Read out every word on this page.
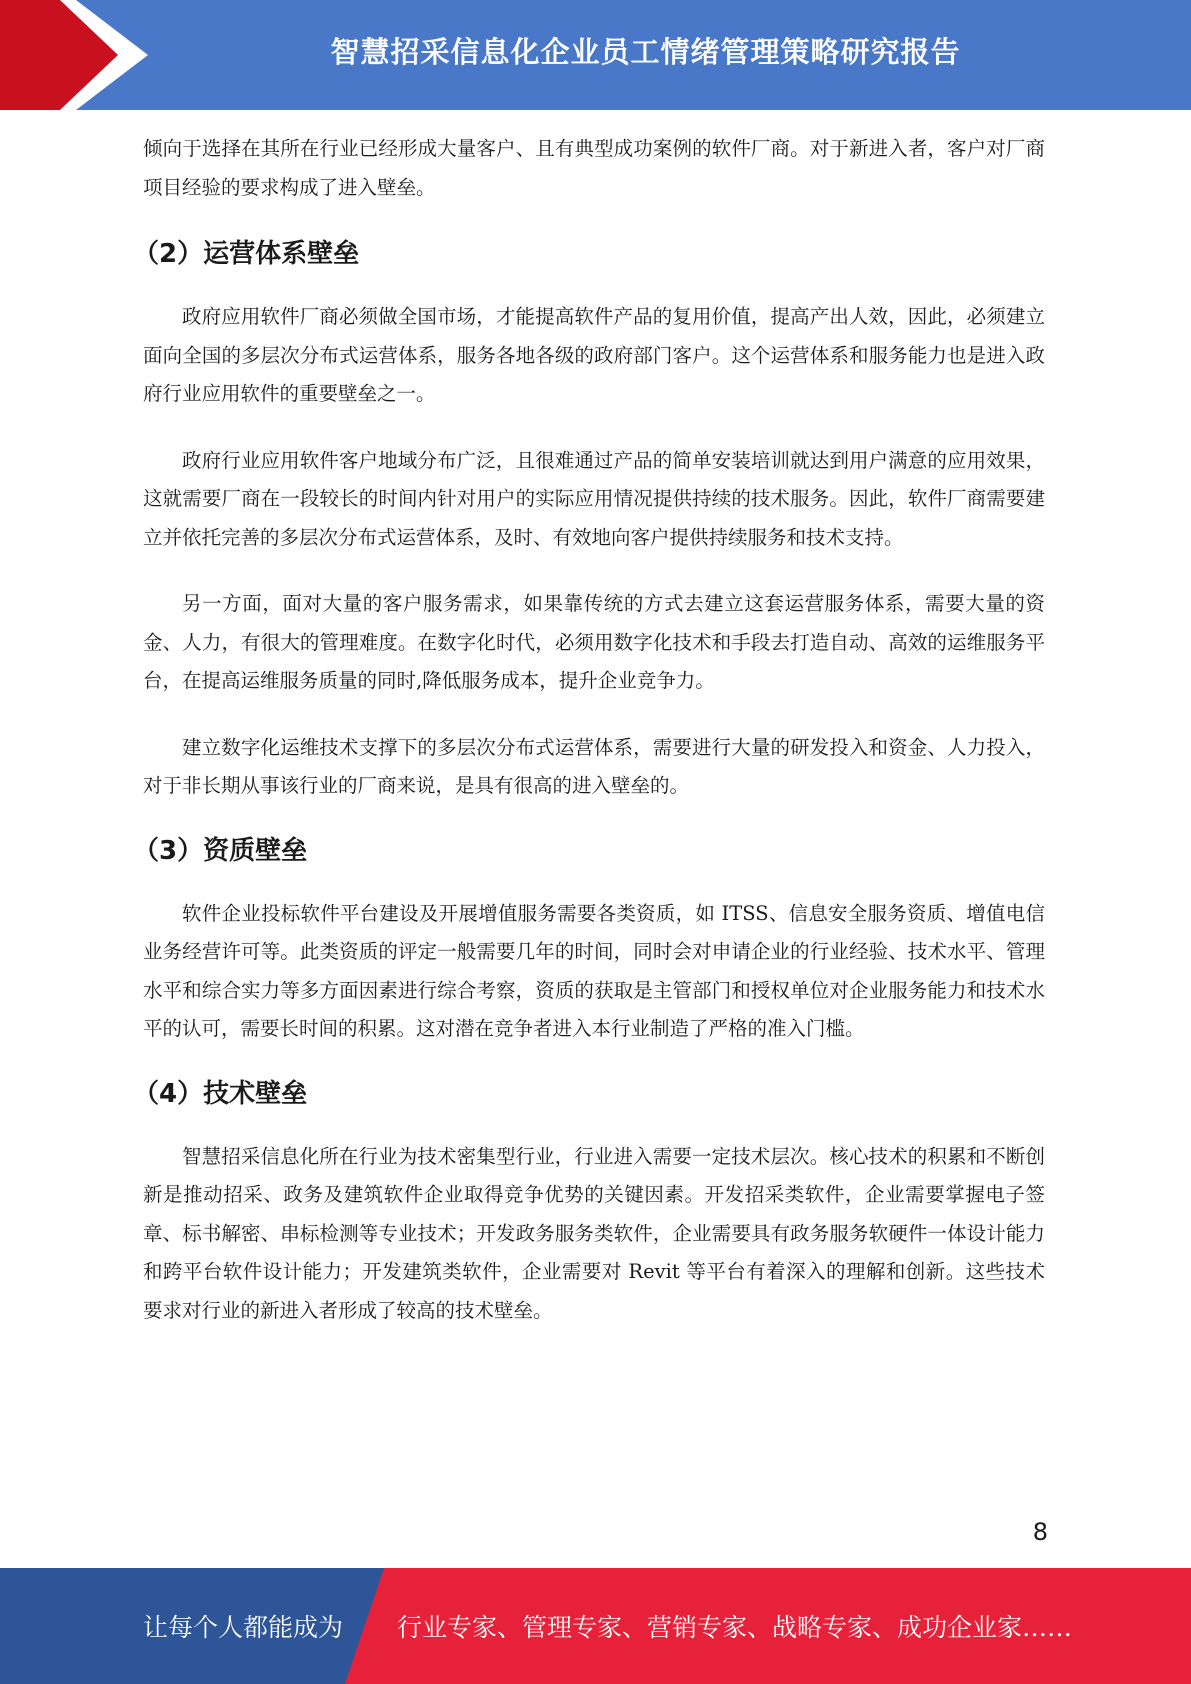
智慧招采信息化企业员工情绪管理策略研究报告

倾向于选择在其所在行业已经形成大量客户、且有典型成功案例的软件厂商。对于新进入者，客户对厂商项目经验的要求构成了进入壁垒。

（2）运营体系壁垒

政府应用软件厂商必须做全国市场，才能提高软件产品的复用价值，提高产出人效，因此，必须建立面向全国的多层次分布式运营体系，服务各地各级的政府部门客户。这个运营体系和服务能力也是进入政府行业应用软件的重要壁垒之一。

政府行业应用软件客户地域分布广泛，且很难通过产品的简单安装培训就达到用户满意的应用效果，这就需要厂商在一段较长的时间内针对用户的实际应用情况提供持续的技术服务。因此，软件厂商需要建立并依托完善的多层次分布式运营体系，及时、有效地向客户提供持续服务和技术支持。

另一方面，面对大量的客户服务需求，如果靠传统的方式去建立这套运营服务体系，需要大量的资金、人力，有很大的管理难度。在数字化时代，必须用数字化技术和手段去打造自动、高效的运维服务平台，在提高运维服务质量的同时,降低服务成本，提升企业竞争力。

建立数字化运维技术支撑下的多层次分布式运营体系，需要进行大量的研发投入和资金、人力投入，对于非长期从事该行业的厂商来说，是具有很高的进入壁垒的。

（3）资质壁垒

软件企业投标软件平台建设及开展增值服务需要各类资质，如 ITSS、信息安全服务资质、增值电信业务经营许可等。此类资质的评定一般需要几年的时间，同时会对申请企业的行业经验、技术水平、管理水平和综合实力等多方面因素进行综合考察，资质的获取是主管部门和授权单位对企业服务能力和技术水平的认可，需要长时间的积累。这对潜在竞争者进入本行业制造了严格的准入门槛。

（4）技术壁垒

智慧招采信息化所在行业为技术密集型行业，行业进入需要一定技术层次。核心技术的积累和不断创新是推动招采、政务及建筑软件企业取得竞争优势的关键因素。开发招采类软件，企业需要掌握电子签章、标书解密、串标检测等专业技术；开发政务服务类软件，企业需要具有政务服务软硬件一体设计能力和跨平台软件设计能力；开发建筑类软件，企业需要对 Revit 等平台有着深入的理解和创新。这些技术要求对行业的新进入者形成了较高的技术壁垒。

8
让每个人都能成为 行业专家、管理专家、营销专家、战略专家、成功企业家……
